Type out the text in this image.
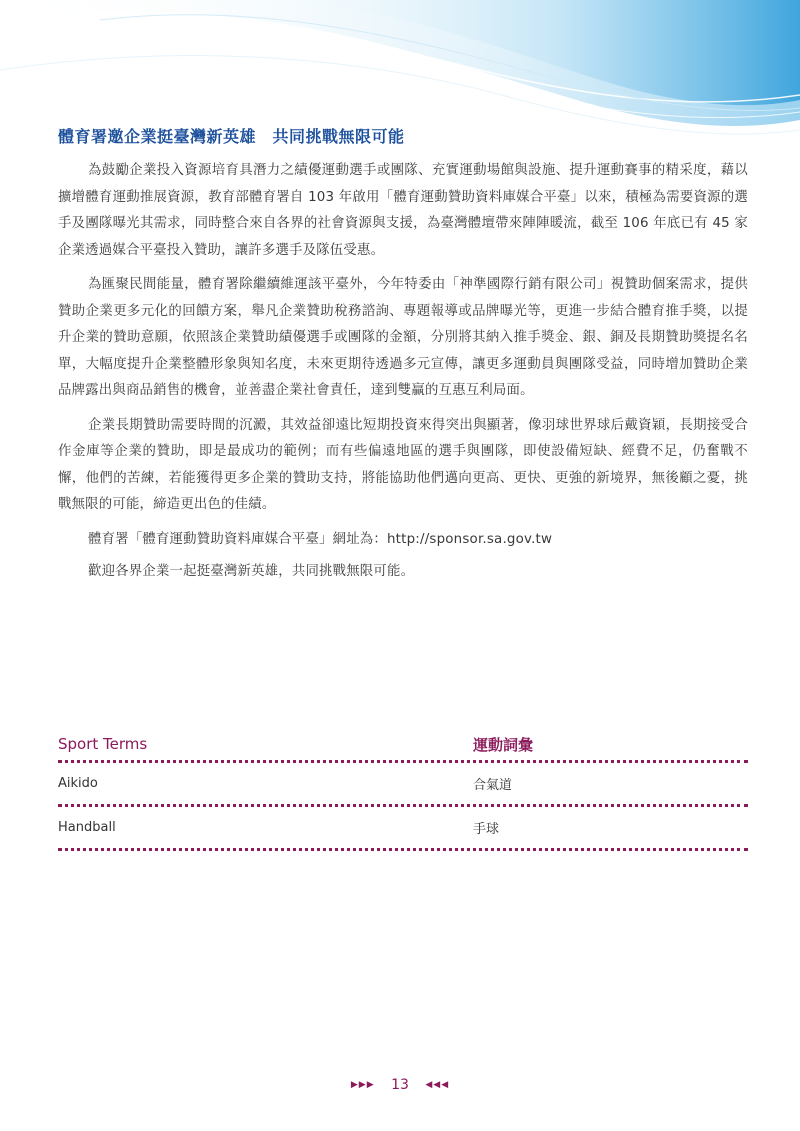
體育署邀企業挺臺灣新英雄　共同挑戰無限可能

為鼓勵企業投入資源培育具潛力之績優運動選手或團隊、充實運動場館與設施、提升運動賽事的精采度，藉以擴增體育運動推展資源，教育部體育署自 103 年啟用「體育運動贊助資料庫媒合平臺」以來，積極為需要資源的選手及團隊曝光其需求，同時整合來自各界的社會資源與支援，為臺灣體壇帶來陣陣暖流，截至 106 年底已有 45 家企業透過媒合平臺投入贊助，讓許多選手及隊伍受惠。

為匯聚民間能量，體育署除繼續維運該平臺外，今年特委由「神準國際行銷有限公司」視贊助個案需求，提供贊助企業更多元化的回饋方案，舉凡企業贊助稅務諮詢、專題報導或品牌曝光等，更進一步結合體育推手獎，以提升企業的贊助意願，依照該企業贊助績優選手或團隊的金額，分別將其納入推手獎金、銀、銅及長期贊助獎提名名單，大幅度提升企業整體形象與知名度，未來更期待透過多元宣傳，讓更多運動員與團隊受益，同時增加贊助企業品牌露出與商品銷售的機會，並善盡企業社會責任，達到雙贏的互惠互利局面。

企業長期贊助需要時間的沉澱，其效益卻遠比短期投資來得突出與顯著，像羽球世界球后戴資穎，長期接受合作金庫等企業的贊助，即是最成功的範例；而有些偏遠地區的選手與團隊，即使設備短缺、經費不足，仍奮戰不懈，他們的苦練，若能獲得更多企業的贊助支持，將能協助他們邁向更高、更快、更強的新境界，無後顧之憂，挑戰無限的可能，締造更出色的佳績。

體育署「體育運動贊助資料庫媒合平臺」網址為：http://sponsor.sa.gov.tw

歡迎各界企業一起挺臺灣新英雄，共同挑戰無限可能。

Sport Terms	運動詞彙
Aikido	合氣道
Handball	手球
▶▶▶ 13 ◀◀◀
